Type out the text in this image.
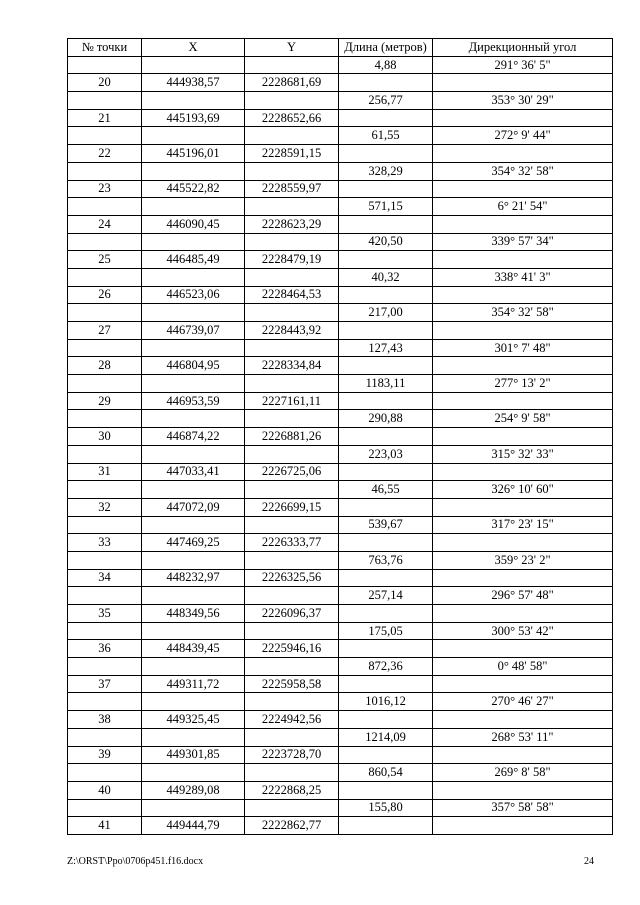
№ точки	X	Y	Длина (метров)	Дирекционный угол
			4,88	291° 36' 5"
20	444938,57	2228681,69		
			256,77	353° 30' 29"
21	445193,69	2228652,66		
			61,55	272° 9' 44"
22	445196,01	2228591,15		
			328,29	354° 32' 58"
23	445522,82	2228559,97		
			571,15	6° 21' 54"
24	446090,45	2228623,29		
			420,50	339° 57' 34"
25	446485,49	2228479,19		
			40,32	338° 41' 3"
26	446523,06	2228464,53		
			217,00	354° 32' 58"
27	446739,07	2228443,92		
			127,43	301° 7' 48"
28	446804,95	2228334,84		
			1183,11	277° 13' 2"
29	446953,59	2227161,11		
			290,88	254° 9' 58"
30	446874,22	2226881,26		
			223,03	315° 32' 33"
31	447033,41	2226725,06		
			46,55	326° 10' 60"
32	447072,09	2226699,15		
			539,67	317° 23' 15"
33	447469,25	2226333,77		
			763,76	359° 23' 2"
34	448232,97	2226325,56		
			257,14	296° 57' 48"
35	448349,56	2226096,37		
			175,05	300° 53' 42"
36	448439,45	2225946,16		
			872,36	0° 48' 58"
37	449311,72	2225958,58		
			1016,12	270° 46' 27"
38	449325,45	2224942,56		
			1214,09	268° 53' 11"
39	449301,85	2223728,70		
			860,54	269° 8' 58"
40	449289,08	2222868,25		
			155,80	357° 58' 58"
41	449444,79	2222862,77		
Z:\ORST\Ppo\0706p451.f16.docx	24
